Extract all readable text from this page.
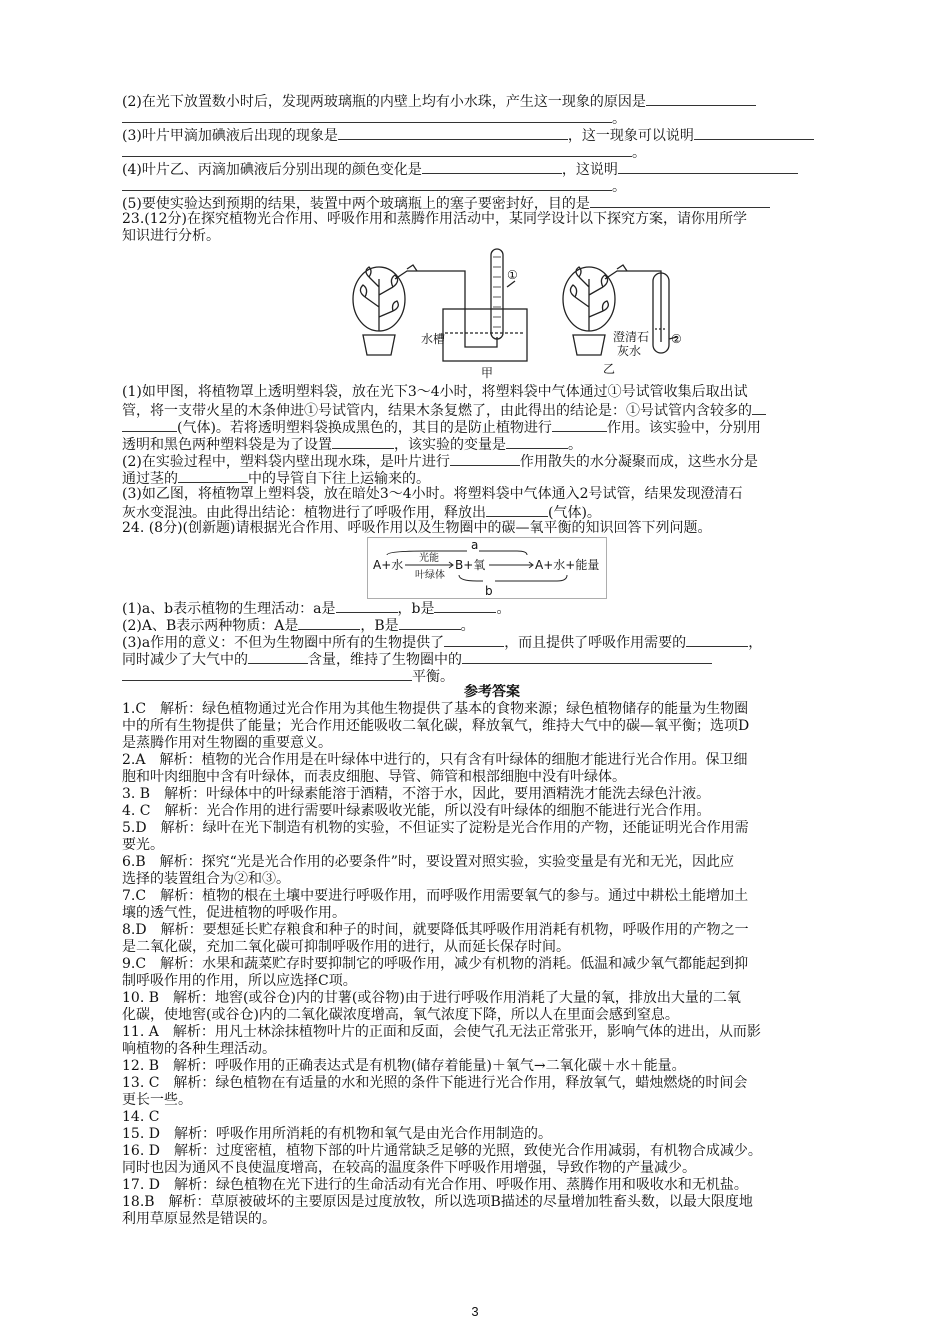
(2)在光下放置数小时后，发现两玻璃瓶的内壁上均有小水珠，产生这一现象的原因是
。
(3)叶片甲滴加碘液后出现的现象是	，这一现象可以说明
。
(4)叶片乙、丙滴加碘液后分别出现的颜色变化是	，这说明
。
(5)要使实验达到预期的结果，装置中两个玻璃瓶上的塞子要密封好，目的是
23.(12分)在探究植物光合作用、呼吸作用和蒸腾作用活动中，某同学设计以下探究方案，请你用所学
知识进行分析。
①
水槽
甲
澄清石
灰水
②
乙
(1)如甲图，将植物罩上透明塑料袋，放在光下3～4小时，将塑料袋中气体通过①号试管收集后取出试
管，将一支带火星的木条伸进①号试管内，结果木条复燃了，由此得出的结论是：①号试管内含较多的
(气体)。若将透明塑料袋换成黑色的，其目的是防止植物进行	作用。该实验中，分别用
透明和黑色两种塑料袋是为了设置	，该实验的变量是	。
(2)在实验过程中，塑料袋内壁出现水珠，是叶片进行	作用散失的水分凝聚而成，这些水分是
通过茎的	中的导管自下往上运输来的。
(3)如乙图，将植物罩上塑料袋，放在暗处3～4小时。将塑料袋中气体通入2号试管，结果发现澄清石
灰水变混浊。由此得出结论：植物进行了呼吸作用，释放出	(气体)。
24. (8分)(创新题)请根据光合作用、呼吸作用以及生物圈中的碳—氧平衡的知识回答下列问题。
a
A+水 光能
叶绿体
B+氧	A+水+能量
b
(1)a、b表示植物的生理活动：a是	，b是	。
(2)A、B表示两种物质：A是	，B是	。
(3)a作用的意义：不但为生物圈中所有的生物提供了	，而且提供了呼吸作用需要的	，
同时减少了大气中的	含量，维持了生物圈中的
平衡。
参考答案
1.C　解析：绿色植物通过光合作用为其他生物提供了基本的食物来源；绿色植物储存的能量为生物圈
中的所有生物提供了能量；光合作用还能吸收二氧化碳，释放氧气，维持大气中的碳—氧平衡；选项D
是蒸腾作用对生物圈的重要意义。
2.A　解析：植物的光合作用是在叶绿体中进行的，只有含有叶绿体的细胞才能进行光合作用。保卫细
胞和叶肉细胞中含有叶绿体，而表皮细胞、导管、筛管和根部细胞中没有叶绿体。
3. B　解析：叶绿体中的叶绿素能溶于酒精，不溶于水，因此，要用酒精洗才能洗去绿色汁液。
4. C　解析：光合作用的进行需要叶绿素吸收光能，所以没有叶绿体的细胞不能进行光合作用。
5.D　解析：绿叶在光下制造有机物的实验，不但证实了淀粉是光合作用的产物，还能证明光合作用需
要光。
6.B　解析：探究“光是光合作用的必要条件”时，要设置对照实验，实验变量是有光和无光，因此应
选择的装置组合为②和③。
7.C　解析：植物的根在土壤中要进行呼吸作用，而呼吸作用需要氧气的参与。通过中耕松土能增加土
壤的透气性，促进植物的呼吸作用。
8.D　解析：要想延长贮存粮食和种子的时间，就要降低其呼吸作用消耗有机物，呼吸作用的产物之一
是二氧化碳，充加二氧化碳可抑制呼吸作用的进行，从而延长保存时间。
9.C　解析：水果和蔬菜贮存时要抑制它的呼吸作用，减少有机物的消耗。低温和减少氧气都能起到抑
制呼吸作用的作用，所以应选择C项。
10. B　解析：地窖(或谷仓)内的甘薯(或谷物)由于进行呼吸作用消耗了大量的氧，排放出大量的二氧
化碳，使地窖(或谷仓)内的二氧化碳浓度增高，氧气浓度下降，所以人在里面会感到窒息。
11. A　解析：用凡士林涂抹植物叶片的正面和反面，会使气孔无法正常张开，影响气体的进出，从而影
响植物的各种生理活动。
12. B　解析：呼吸作用的正确表达式是有机物(储存着能量)＋氧气→二氧化碳＋水＋能量。
13. C　解析：绿色植物在有适量的水和光照的条件下能进行光合作用，释放氧气，蜡烛燃烧的时间会
更长一些。
14. C
15. D　解析：呼吸作用所消耗的有机物和氧气是由光合作用制造的。
16. D　解析：过度密植，植物下部的叶片通常缺乏足够的光照，致使光合作用减弱，有机物合成减少。
同时也因为通风不良使温度增高，在较高的温度条件下呼吸作用增强，导致作物的产量减少。
17. D　解析：绿色植物在光下进行的生命活动有光合作用、呼吸作用、蒸腾作用和吸收水和无机盐。
18.B　解析：草原被破坏的主要原因是过度放牧，所以选项B描述的尽量增加牲畜头数，以最大限度地
利用草原显然是错误的。
3
